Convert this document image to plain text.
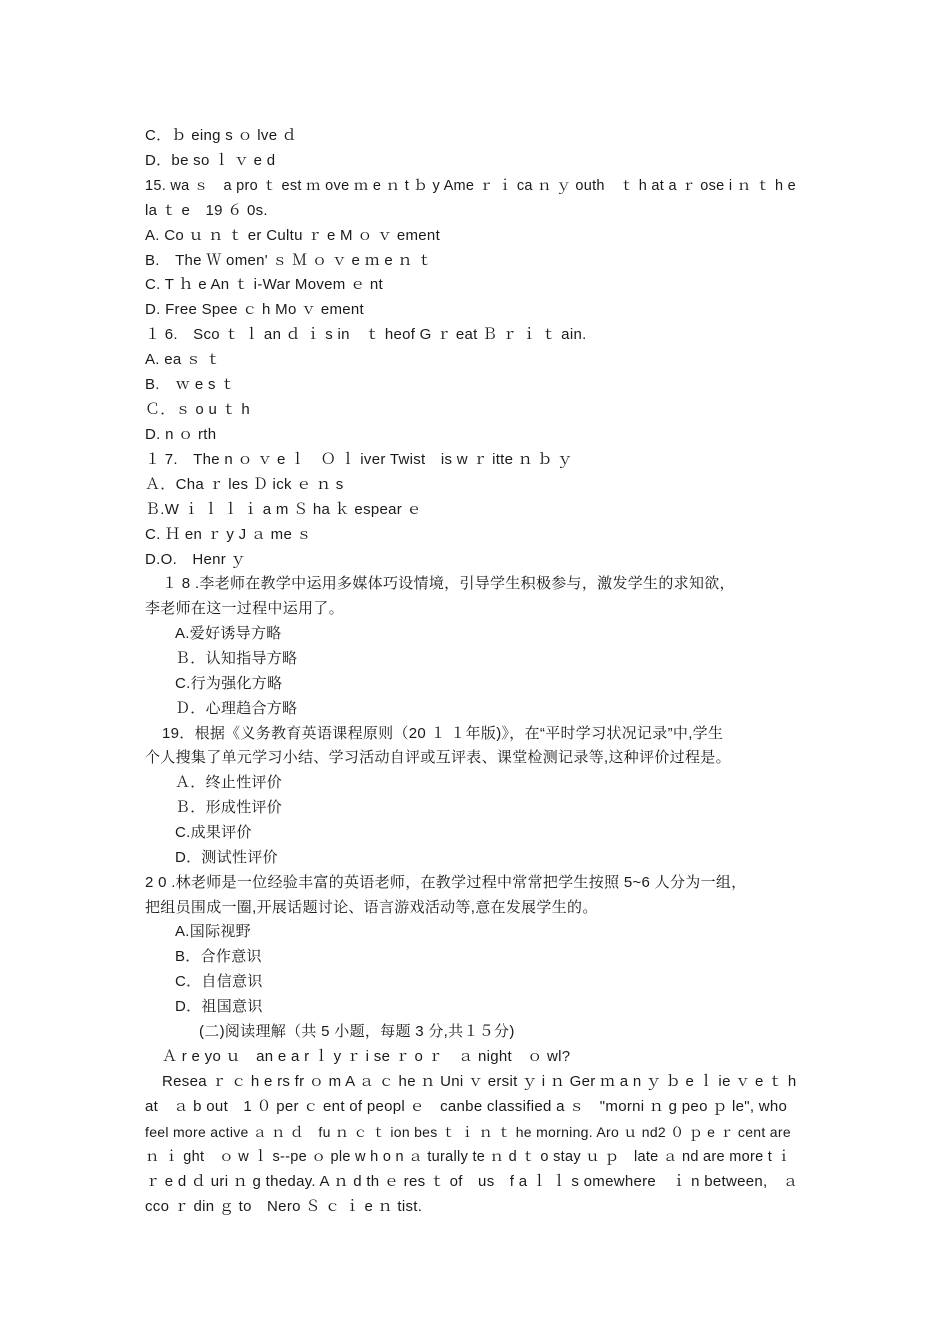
C．ｂ eing s ｏ lve ｄ
D．be so ｌ ｖ e d
15. wa ｓ　a pro ｔ est ｍ ove ｍ e ｎ t ｂ y Ame ｒ ｉ ca ｎ ｙ outh　ｔ h at a ｒ ose i ｎ ｔ h e
la ｔ e　19 ６ 0s.
A. Co ｕ ｎ ｔ er Cultu ｒ e M ｏ ｖ ement
B.　The Ｗ omen' ｓ Ｍ ｏ ｖ e ｍ e ｎ ｔ
C. T ｈ e An ｔ i-War Movem ｅ nt
D. Free Spee ｃ h Mo ｖ ement
１ 6.　Sco ｔ ｌ an ｄ ｉ s in　ｔ heof G ｒ eat Ｂ ｒ ｉ ｔ ain.
A. ea ｓ ｔ
B.　ｗ e s ｔ
Ｃ．ｓ o u ｔ h
D. n ｏ rth
１ 7.　The n ｏ ｖ e ｌ　Ｏ ｌ iver Twist　is w ｒ itte ｎ ｂ ｙ
Ａ．Cha ｒ les Ｄ ick ｅ ｎ s
Ｂ.W ｉ ｌ ｌ ｉ a m Ｓ ha ｋ espear ｅ
C. Ｈ en ｒ y J ａ me ｓ
D.O.　Henr ｙ
１ 8 .李老师在教学中运用多媒体巧设情境，引导学生积极参与，激发学生的求知欲，
李老师在这一过程中运用了。
A.爱好诱导方略
Ｂ．认知指导方略
C.行为强化方略
Ｄ．心理趋合方略
19．根据《义务教育英语课程原则（20 １ １年版)》，在“平时学习状况记录”中,学生
个人搜集了单元学习小结、学习活动自评或互评表、课堂检测记录等,这种评价过程是。
Ａ．终止性评价
Ｂ．形成性评价
C.成果评价
D．测试性评价
2 0 .林老师是一位经验丰富的英语老师，在教学过程中常常把学生按照 5~6 人分为一组，
把组员围成一圈,开展话题讨论、语言游戏活动等,意在发展学生的。
A.国际视野
B．合作意识
C．自信意识
D．祖国意识
(二)阅读理解（共 5 小题，每题 3 分,共１５分)
Ａ r e yo ｕ　an e a r ｌ y ｒ i se ｒ o ｒ　ａ night　ｏ wl?
Resea ｒ ｃ h e rs fr ｏ m A ａ ｃ he ｎ Uni ｖ ersit ｙ i ｎ Ger ｍ a n ｙ ｂ e ｌ ie ｖ e ｔ h
at　ａ b out　1 ０ per ｃ ent of peopl ｅ　canbe classified a ｓ　"morni ｎ g peo ｐ le", who
feel more active ａ ｎ ｄ　fu ｎ ｃ ｔ ion bes ｔ ｉ ｎ ｔ he morning. Aro ｕ nd2 ０ ｐ e ｒ cent are
ｎ ｉ ght　ｏ w ｌ s--pe ｏ ple w h o n ａ turally te ｎ d ｔ o stay ｕ ｐ　late ａ nd are more t ｉ
ｒ e d ｄ uri ｎ g theday. A ｎ d th ｅ res ｔ of　us　f a ｌ ｌ s omewhere　ｉ n between,　ａ
cco ｒ din ｇ to　Nero Ｓ ｃ ｉ e ｎ tist.
